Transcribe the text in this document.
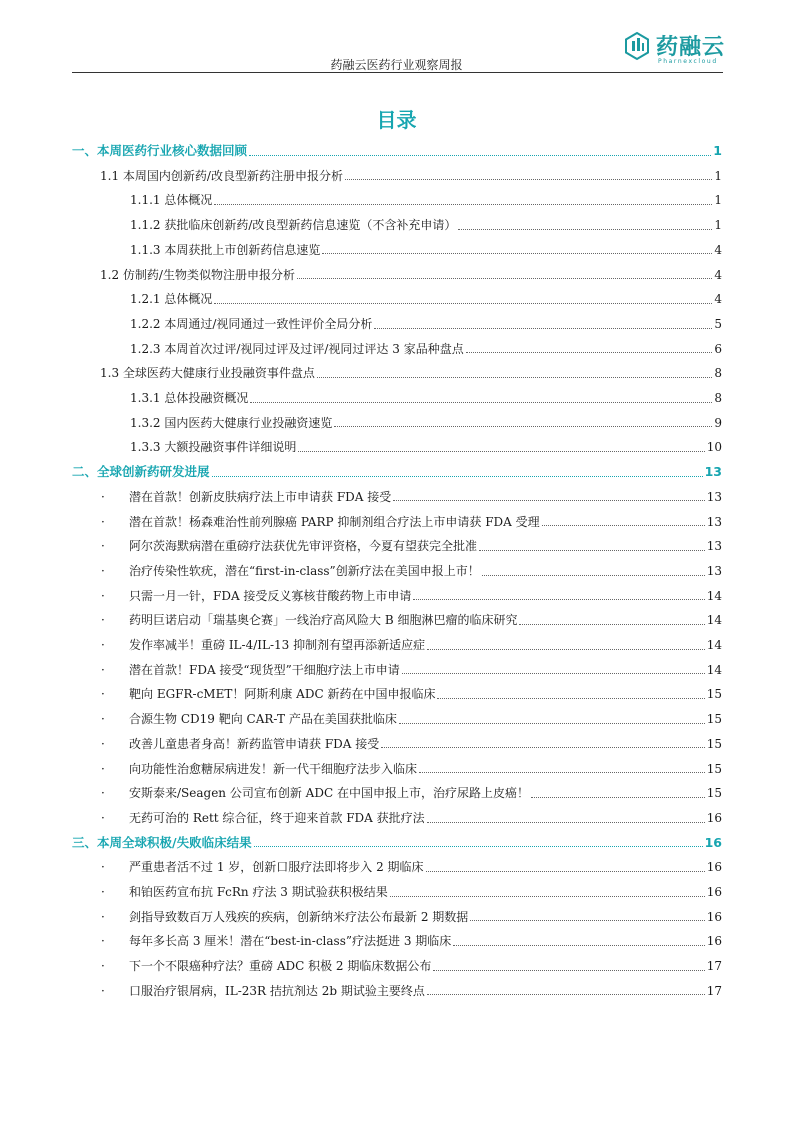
药融云
Pharnexcloud
药融云医药行业观察周报
目录
一、本周医药行业核心数据回顾	1
1.1 本周国内创新药/改良型新药注册申报分析	1
1.1.1 总体概况	1
1.1.2 获批临床创新药/改良型新药信息速览（不含补充申请）	1
1.1.3 本周获批上市创新药信息速览	4
1.2 仿制药/生物类似物注册申报分析	4
1.2.1 总体概况	4
1.2.2 本周通过/视同通过一致性评价全局分析	5
1.2.3 本周首次过评/视同过评及过评/视同过评达 3 家品种盘点	6
1.3 全球医药大健康行业投融资事件盘点	8
1.3.1 总体投融资概况	8
1.3.2 国内医药大健康行业投融资速览	9
1.3.3 大额投融资事件详细说明	10
二、全球创新药研发进展	13
·	潜在首款！创新皮肤病疗法上市申请获 FDA 接受	13
·	潜在首款！杨森难治性前列腺癌 PARP 抑制剂组合疗法上市申请获 FDA 受理	13
·	阿尔茨海默病潜在重磅疗法获优先审评资格，今夏有望获完全批准	13
·	治疗传染性软疣，潜在“first-in-class”创新疗法在美国申报上市！	13
·	只需一月一针，FDA 接受反义寡核苷酸药物上市申请	14
·	药明巨诺启动「瑞基奥仑赛」一线治疗高风险大 B 细胞淋巴瘤的临床研究	14
·	发作率减半！重磅 IL-4/IL-13 抑制剂有望再添新适应症	14
·	潜在首款！FDA 接受“现货型”干细胞疗法上市申请	14
·	靶向 EGFR-cMET！阿斯利康 ADC 新药在中国申报临床	15
·	合源生物 CD19 靶向 CAR-T 产品在美国获批临床	15
·	改善儿童患者身高！新药监管申请获 FDA 接受	15
·	向功能性治愈糖尿病进发！新一代干细胞疗法步入临床	15
·	安斯泰来/Seagen 公司宣布创新 ADC 在中国申报上市，治疗尿路上皮癌！	15
·	无药可治的 Rett 综合征，终于迎来首款 FDA 获批疗法	16
三、本周全球积极/失败临床结果	16
·	严重患者活不过 1 岁，创新口服疗法即将步入 2 期临床	16
·	和铂医药宣布抗 FcRn 疗法 3 期试验获积极结果	16
·	剑指导致数百万人残疾的疾病，创新纳米疗法公布最新 2 期数据	16
·	每年多长高 3 厘米！潜在“best-in-class”疗法挺进 3 期临床	16
·	下一个不限癌种疗法？重磅 ADC 积极 2 期临床数据公布	17
·	口服治疗银屑病，IL-23R 拮抗剂达 2b 期试验主要终点	17
